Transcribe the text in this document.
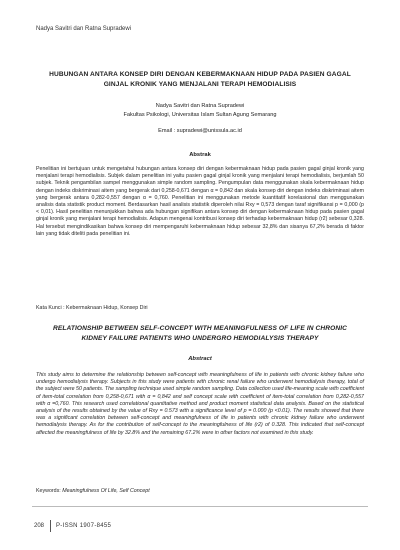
Nadya Savitri dan Ratna Supradewi

HUBUNGAN ANTARA KONSEP DIRI DENGAN KEBERMAKNAAN HIDUP PADA PASIEN GAGAL GINJAL KRONIK YANG MENJALANI TERAPI HEMODIALISIS

Nadya Savitri dan Ratna Supradewi
Fakultas Psikologi, Universitas Islam Sultan Agung Semarang
Email : supradewi@unissula.ac.id
Abstrak

Penelitian ini bertujuan untuk mengetahui hubungan antara konsep diri dengan kebermaknaan hidup pada pasien gagal ginjal kronik yang menjalani terapi hemodialisis. Subjek dalam penelitian ini yaitu pasien gagal ginjal kronik yang menjalani terapi hemodialisis, berjumlah 50 subjek. Teknik pengambilan sampel menggunakan simple random sampling. Pengumpulan data menggunakan skala kebermaknaan hidup dengan indeks diskriminasi aitem yang bergerak dari 0,258-0,671 dengan α = 0,842 dan skala konsep diri dengan indeks diskriminasi aitem yang bergerak antara 0,282-0,557 dengan α = 0,760. Penelitian ini menggunakan metode kuantitatif korelasional dan menggunakan analisis data statistik product moment. Berdasarkan hasil analisis statistik diperoleh nilai Rxy = 0,573 dengan taraf signifikansi p = 0,000 (p < 0,01). Hasil penelitian menunjukkan bahwa ada hubungan signifikan antara konsep diri dengan kebermaknaan hidup pada pasien gagal ginjal kronik yang menjalani terapi hemodialisis. Adapun mengenai kontribusi konsep diri terhadap kebermaknaan hidup (r2) sebesar 0,328. Hal tersebut mengindikasikan bahwa konsep diri mempengaruhi kebermaknaan hidup sebesar 32,8% dan sisanya 67,2% berada di faktor lain yang tidak diteliti pada penelitian ini.

Kata Kunci : Kebermaknaan Hidup, Konsep Diri

RELATIONSHIP BETWEEN SELF-CONCEPT WITH MEANINGFULNESS OF LIFE IN CHRONIC KIDNEY FAILURE PATIENTS WHO UNDERGRO HEMODIALYSIS THERAPY

Abstract

This study aims to determine the relationship between self-concept with meaningfulness of life in patients with chronic kidney failure who undergo hemodialysis therapy. Subjects in this study were patients with chronic renal failure who underwent hemodialysis therapy, total of the subject were 50 patients. The sampling technique used simple random sampling. Data collection used life-meaning scale with coefficient of item-total correlation from 0,258-0,671 with α = 0,842 and self concept scale with coefficient of item-total correlation from 0,282-0,557 with α =0,760. This research used correlational quantitative method and product moment statistical data analysis. Based on the statistical analysis of the results obtained by the value of Rxy = 0.573 with a significance level of p = 0.000 (p <0.01). The results showed that there was a significant correlation between self-concept and meaningfulness of life in patients with chronic kidney failure who underwent hemodialysis therapy. As for the contribution of self-concept to the meaningfulness of life (r2) of 0.328. This indicated that self-concept affected the meaningfulness of life by 32.8% and the remaining 67.2% were in other factors not examined in this study.

Keywords: Meaningfulness Of Life, Self Concept
208 P-ISSN 1907-8455
